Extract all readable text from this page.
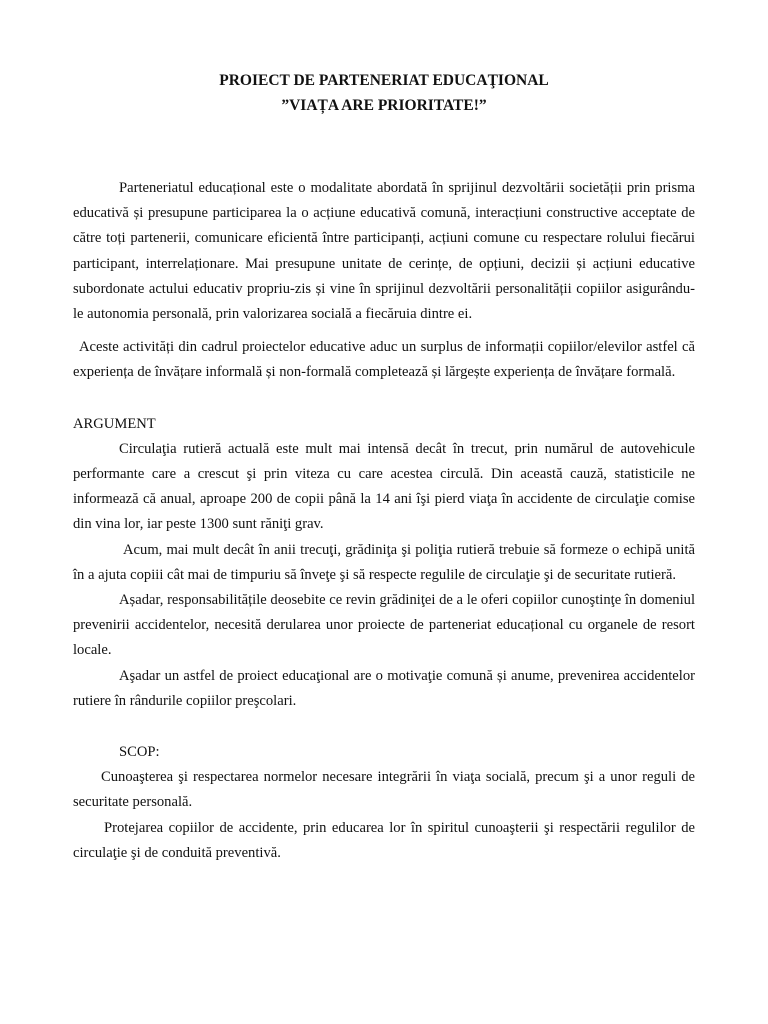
PROIECT DE PARTENERIAT EDUCAŢIONAL

”VIAȚA ARE PRIORITATE!”

Parteneriatul educațional este o modalitate abordată în sprijinul dezvoltării societății prin prisma educativă și presupune participarea la o acțiune educativă comună, interacțiuni constructive acceptate de către toți partenerii, comunicare eficientă între participanți, acțiuni comune cu respectare rolului fiecărui participant, interrelaționare. Mai presupune unitate de cerințe, de opțiuni, decizii și acțiuni educative subordonate actului educativ propriu-zis și vine în sprijinul dezvoltării personalității copiilor asigurându-le autonomia personală, prin valorizarea socială a fiecăruia dintre ei.

Aceste activități din cadrul proiectelor educative aduc un surplus de informații copiilor/elevilor astfel că experiența de învățare informală și non-formală completează și lărgește experiența de învățare formală.

ARGUMENT

Circulaţia rutieră actuală este mult mai intensă decât în trecut, prin numărul de autovehicule performante care a crescut şi prin viteza cu care acestea circulă. Din această cauză, statisticile ne informează că anual, aproape 200 de copii până la 14 ani îşi pierd viaţa în accidente de circulaţie comise din vina lor, iar peste 1300 sunt răniţi grav.

Acum, mai mult decât în anii trecuţi, grădiniţa şi poliţia rutieră trebuie să formeze o echipă unită în a ajuta copiii cât mai de timpuriu să înveţe şi să respecte regulile de circulaţie şi de securitate rutieră.

Așadar, responsabilitățile deosebite ce revin grădiniţei de a le oferi copiilor cunoştinţe în domeniul prevenirii accidentelor, necesită derularea unor proiecte de parteneriat educațional cu organele de resort locale.

Aşadar un astfel de proiect educaţional are o motivaţie comună și anume, prevenirea accidentelor rutiere în rândurile copiilor preşcolari.

SCOP:

Cunoaşterea şi respectarea normelor necesare integrării în viaţa socială, precum şi a unor reguli de securitate personală.

Protejarea copiilor de accidente, prin educarea lor în spiritul cunoaşterii şi respectării regulilor de circulaţie şi de conduită preventivă.
